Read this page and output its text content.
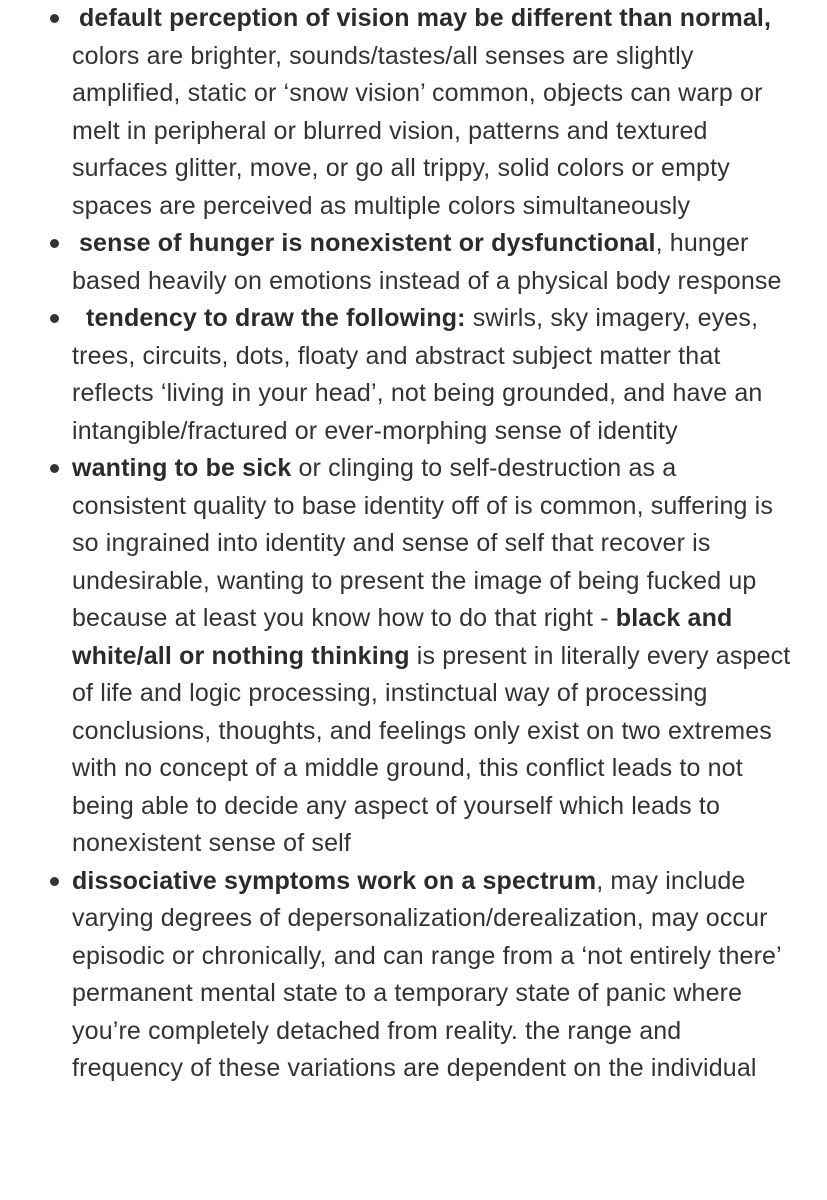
default perception of vision may be different than normal, colors are brighter, sounds/tastes/all senses are slightly amplified, static or ‘snow vision’ common, objects can warp or melt in peripheral or blurred vision, patterns and textured surfaces glitter, move, or go all trippy, solid colors or empty spaces are perceived as multiple colors simultaneously
sense of hunger is nonexistent or dysfunctional, hunger based heavily on emotions instead of a physical body response
tendency to draw the following: swirls, sky imagery, eyes, trees, circuits, dots, floaty and abstract subject matter that reflects ‘living in your head’, not being grounded, and have an intangible/fractured or ever-morphing sense of identity
wanting to be sick or clinging to self-destruction as a consistent quality to base identity off of is common, suffering is so ingrained into identity and sense of self that recover is undesirable, wanting to present the image of being fucked up because at least you know how to do that right - black and white/all or nothing thinking is present in literally every aspect of life and logic processing, instinctual way of processing conclusions, thoughts, and feelings only exist on two extremes with no concept of a middle ground, this conflict leads to not being able to decide any aspect of yourself which leads to nonexistent sense of self
dissociative symptoms work on a spectrum, may include varying degrees of depersonalization/derealization, may occur episodic or chronically, and can range from a ‘not entirely there’ permanent mental state to a temporary state of panic where you’re completely detached from reality. the range and frequency of these variations are dependent on the individual
